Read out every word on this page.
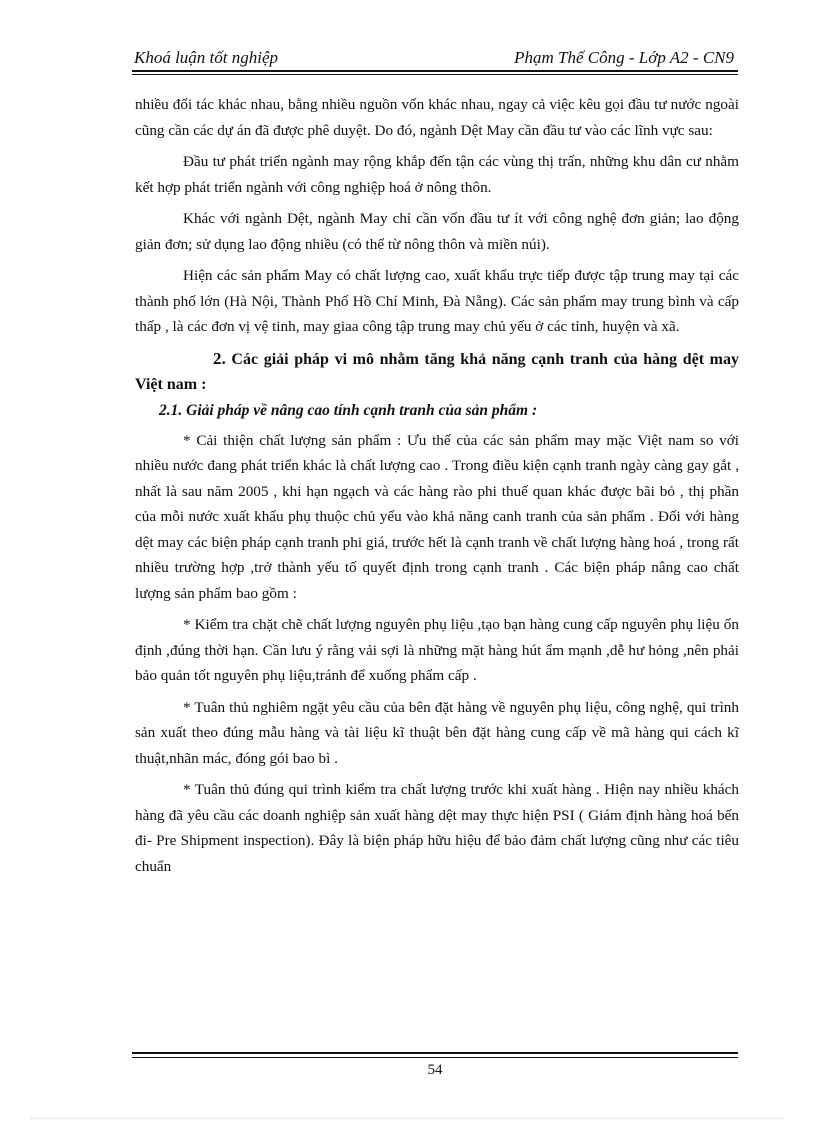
Khoá luận tốt nghiệp	Phạm Thế Công - Lớp A2 - CN9

nhiều đối tác khác nhau, bằng nhiều nguồn vốn khác nhau, ngay cả việc kêu gọi đầu tư nước ngoài cũng cần các dự án đã được phê duyệt. Do đó, ngành Dệt May cần đầu tư vào các lĩnh vực sau:

Đầu tư phát triển ngành may rộng khắp đến tận các vùng thị trấn, những khu dân cư nhằm kết hợp phát triển ngành với công nghiệp hoá ở nông thôn.

Khác với ngành Dệt, ngành May chỉ cần vốn đầu tư ít với công nghệ đơn giản; lao động giản đơn; sử dụng lao động nhiều (có thể từ nông thôn và miền núi).

Hiện các sản phẩm May có chất lượng cao, xuất khẩu trực tiếp được tập trung may tại các thành phố lớn (Hà Nội, Thành Phố Hồ Chí Minh, Đà Nẵng). Các sản phẩm may trung bình và cấp thấp , là các đơn vị vệ tinh, may giaa công tập trung may chủ yếu ở các tỉnh, huyện và xã.

2. Các giải pháp vi mô nhằm tăng khả năng cạnh tranh của hàng dệt may Việt nam :

2.1. Giải pháp về nâng cao tính cạnh tranh của sản phẩm :

* Cải thiện chất lượng sản phẩm : Ưu thế của các sản phẩm may mặc Việt nam so với nhiều nước đang phát triển khác là chất lượng cao . Trong điều kiện cạnh tranh ngày càng gay gắt , nhất là sau năm 2005 , khi hạn ngạch và các hàng rào phi thuế quan khác được bãi bỏ , thị phần của mỗi nước xuất khẩu phụ thuộc chủ yếu vào khả năng canh tranh của sản phẩm . Đối với hàng dệt may các biện pháp cạnh tranh phi giá, trước hết là cạnh tranh về chất lượng hàng hoá , trong rất nhiều trường hợp ,trở thành yếu tố quyết định trong cạnh tranh . Các biện pháp nâng cao chất lượng sản phẩm bao gồm :

* Kiểm tra chặt chẽ chất lượng nguyên phụ liệu ,tạo bạn hàng cung cấp nguyên phụ liệu ổn định ,đúng thời hạn. Cần lưu ý rằng vải sợi là những mặt hàng hút ẩm mạnh ,dễ hư hỏng ,nên phải bảo quản tốt nguyên phụ liệu,tránh để xuống phẩm cấp .

* Tuân thủ nghiêm ngặt yêu cầu của bên đặt hàng về nguyên phụ liệu, công nghệ, qui trình sản xuất theo đúng mẫu hàng và tài liệu kĩ thuật bên đặt hàng cung cấp về mã hàng qui cách kĩ thuật,nhãn mác, đóng gói bao bì .

* Tuân thủ đúng qui trình kiểm tra chất lượng trước khi xuất hàng . Hiện nay nhiều khách hàng đã yêu cầu các doanh nghiệp sản xuất hàng dệt may thực hiện PSI ( Giám định hàng hoá bến đi- Pre Shipment inspection). Đây là biện pháp hữu hiệu để bảo đảm chất lượng cũng như các tiêu chuẩn

54
